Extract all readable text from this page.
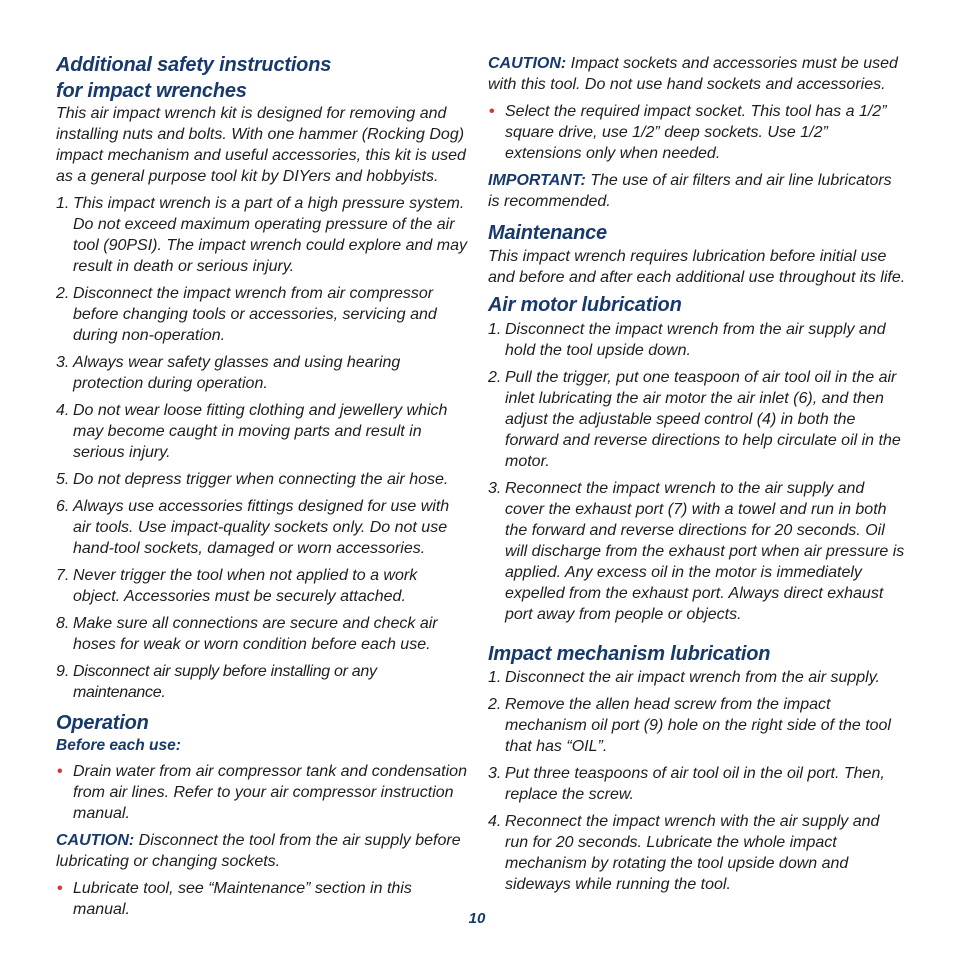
Additional safety instructions

for impact wrenches

This air impact wrench kit is designed for removing and installing nuts and bolts. With one hammer (Rocking Dog) impact mechanism and useful accessories, this kit is used as a general purpose tool kit by DIYers and hobbyists.

1. This impact wrench is a part of a high pressure system. Do not exceed maximum operating pressure of the air tool (90PSI). The impact wrench could explore and may result in death or serious injury.
2. Disconnect the impact wrench from air compressor before changing tools or accessories, servicing and during non-operation.
3. Always wear safety glasses and using hearing protection during operation.
4. Do not wear loose fitting clothing and jewellery which may become caught in moving parts and result in serious injury.
5. Do not depress trigger when connecting the air hose.
6. Always use accessories fittings designed for use with air tools. Use impact-quality sockets only. Do not use hand-tool sockets, damaged or worn accessories.
7. Never trigger the tool when not applied to a work object. Accessories must be securely attached.
8. Make sure all connections are secure and check air hoses for weak or worn condition before each use.
9. Disconnect air supply before installing or any maintenance.

Operation

Before each use:

• Drain water from air compressor tank and condensation from air lines. Refer to your air compressor instruction manual.

CAUTION: Disconnect the tool from the air supply before lubricating or changing sockets.

• Lubricate tool, see “Maintenance” section in this manual.

CAUTION: Impact sockets and accessories must be used with this tool. Do not use hand sockets and accessories.

• Select the required impact socket. This tool has a 1/2” square drive, use 1/2” deep sockets. Use 1/2” extensions only when needed.

IMPORTANT: The use of air filters and air line lubricators is recommended.

Maintenance

This impact wrench requires lubrication before initial use and before and after each additional use throughout its life.

Air motor lubrication

1. Disconnect the impact wrench from the air supply and hold the tool upside down.
2. Pull the trigger, put one teaspoon of air tool oil in the air inlet lubricating the air motor the air inlet (6), and then adjust the adjustable speed control (4) in both the forward and reverse directions to help circulate oil in the motor.
3. Reconnect the impact wrench to the air supply and cover the exhaust port (7) with a towel and run in both the forward and reverse directions for 20 seconds. Oil will discharge from the exhaust port when air pressure is applied. Any excess oil in the motor is immediately expelled from the exhaust port. Always direct exhaust port away from people or objects.

Impact mechanism lubrication

1. Disconnect the air impact wrench from the air supply.
2. Remove the allen head screw from the impact mechanism oil port (9) hole on the right side of the tool that has “OIL”.
3. Put three teaspoons of air tool oil in the oil port. Then, replace the screw.
4. Reconnect the impact wrench with the air supply and run for 20 seconds. Lubricate the whole impact mechanism by rotating the tool upside down and sideways while running the tool.
10
